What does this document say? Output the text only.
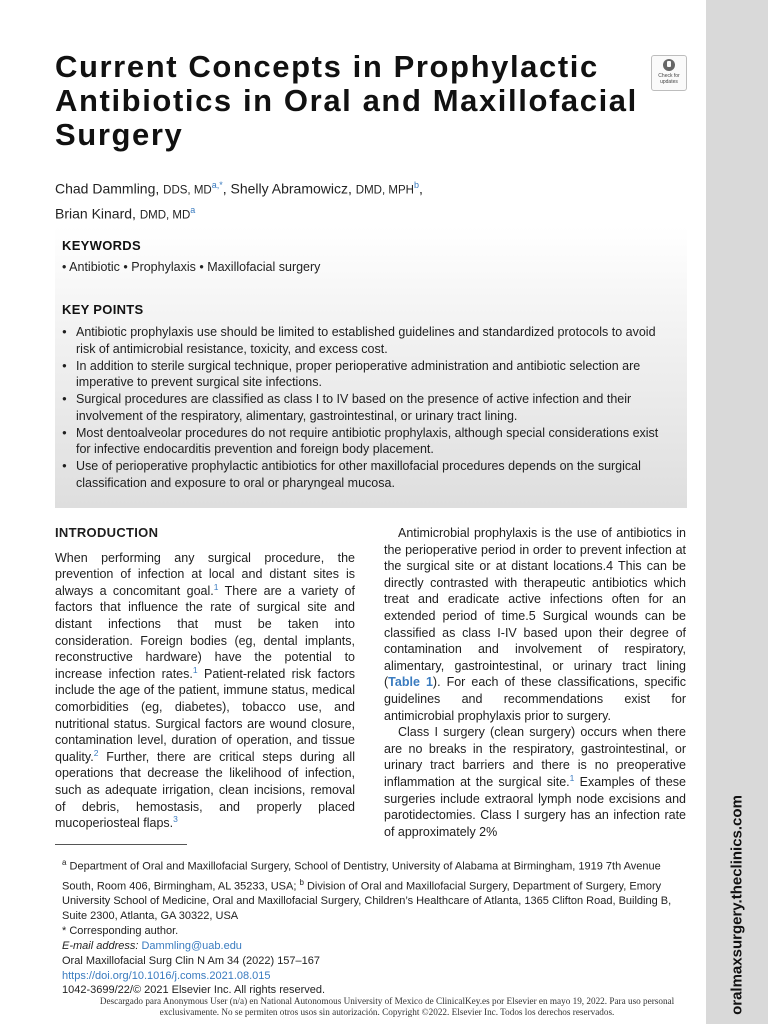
oralmaxsurgery.theclinics.com
Current Concepts in Prophylactic Antibiotics in Oral and Maxillofacial Surgery
Check for updates
Chad Dammling, DDS, $MD^{a,*}$, Shelly Abramowicz, DMD, MPH$^b$,
Brian Kinard, DMD, $MD^a$
KEYWORDS
• Antibiotic • Prophylaxis • Maxillofacial surgery
KEY POINTS
● Antibiotic prophylaxis use should be limited to established guidelines and standardized protocols to avoid risk of antimicrobial resistance, toxicity, and excess cost.
● In addition to sterile surgical technique, proper perioperative administration and antibiotic selection are imperative to prevent surgical site infections.
● Surgical procedures are classified as class I to IV based on the presence of active infection and their involvement of the respiratory, alimentary, gastrointestinal, or urinary tract lining.
● Most dentoalveolar procedures do not require antibiotic prophylaxis, although special considerations exist for infective endocarditis prevention and foreign body placement.
● Use of perioperative prophylactic antibiotics for other maxillofacial procedures depends on the surgical classification and exposure to oral or pharyngeal mucosa.
INTRODUCTION

When performing any surgical procedure, the prevention of infection at local and distant sites is always a concomitant goal.$^1$ There are a variety of factors that influence the rate of surgical site and distant infections that must be taken into consideration. Foreign bodies (eg, dental implants, reconstructive hardware) have the potential to increase infection rates.$^1$ Patient-related risk factors include the age of the patient, immune status, medical comorbidities (eg, diabetes), tobacco use, and nutritional status. Surgical factors are wound closure, contamination level, duration of operation, and tissue quality.$^2$ Further, there are critical steps during all operations that decrease the likelihood of infection, such as adequate irrigation, clean incisions, removal of debris, hemostasis, and properly placed mucoperiosteal flaps.$^3$

Antimicrobial prophylaxis is the use of antibiotics in the perioperative period in order to prevent infection at the surgical site or at distant locations.4 This can be directly contrasted with therapeutic antibiotics which treat and eradicate active infections often for an extended period of time.5 Surgical wounds can be classified as class I-IV based upon their degree of contamination and involvement of respiratory, alimentary, gastrointestinal, or urinary tract lining (Table 1). For each of these classifications, specific guidelines and recommendations exist for antimicrobial prophylaxis prior to surgery.

Class I surgery (clean surgery) occurs when there are no breaks in the respiratory, gastrointestinal, or urinary tract barriers and there is no preoperative inflammation at the surgical site.$^1$ Examples of these surgeries include extraoral lymph node excisions and parotidectomies. Class I surgery has an infection rate of approximately 2%

$^a$ Department of Oral and Maxillofacial Surgery, School of Dentistry, University of Alabama at Birmingham, 1919 7th Avenue South, Room 406, Birmingham, AL 35233, USA; $^b$ Division of Oral and Maxillofacial Surgery, Department of Surgery, Emory University School of Medicine, Oral and Maxillofacial Surgery, Children’s Healthcare of Atlanta, 1365 Clifton Road, Building B, Suite 2300, Atlanta, GA 30322, USA
* Corresponding author.
E-mail address: Dammling@uab.edu
Oral Maxillofacial Surg Clin N Am 34 (2022) 157–167
https://doi.org/10.1016/j.coms.2021.08.015
1042-3699/22/© 2021 Elsevier Inc. All rights reserved.
Descargado para Anonymous User (n/a) en National Autonomous University of Mexico de ClinicalKey.es por Elsevier en mayo 19, 2022. Para uso personal exclusivamente. No se permiten otros usos sin autorización. Copyright ©2022. Elsevier Inc. Todos los derechos reservados.
